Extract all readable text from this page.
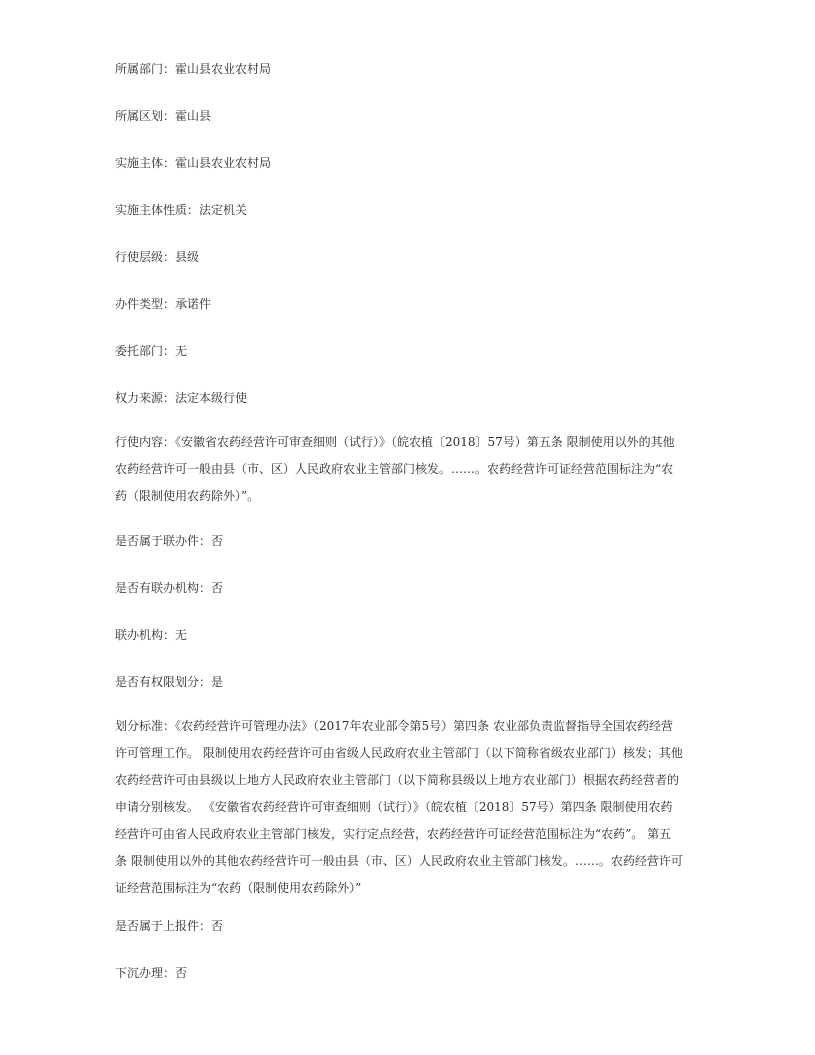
所属部门：霍山县农业农村局

所属区划：霍山县

实施主体：霍山县农业农村局

实施主体性质：法定机关

行使层级：县级

办件类型：承诺件

委托部门：无

权力来源：法定本级行使

行使内容：《安徽省农药经营许可审查细则（试行）》（皖农植〔2018〕57号）第五条 限制使用以外的其他
农药经营许可一般由县（市、区）人民政府农业主管部门核发。……。农药经营许可证经营范围标注为“农
药（限制使用农药除外）”。

是否属于联办件：否

是否有联办机构：否

联办机构：无

是否有权限划分：是

划分标准：《农药经营许可管理办法》（2017年农业部令第5号）第四条 农业部负责监督指导全国农药经营
许可管理工作。 限制使用农药经营许可由省级人民政府农业主管部门（以下简称省级农业部门）核发；其他
农药经营许可由县级以上地方人民政府农业主管部门（以下简称县级以上地方农业部门）根据农药经营者的
申请分别核发。 《安徽省农药经营许可审查细则（试行）》（皖农植〔2018〕57号）第四条 限制使用农药
经营许可由省人民政府农业主管部门核发，实行定点经营，农药经营许可证经营范围标注为“农药”。 第五
条 限制使用以外的其他农药经营许可一般由县（市、区）人民政府农业主管部门核发。……。农药经营许可
证经营范围标注为“农药（限制使用农药除外）”

是否属于上报件：否

下沉办理：否
